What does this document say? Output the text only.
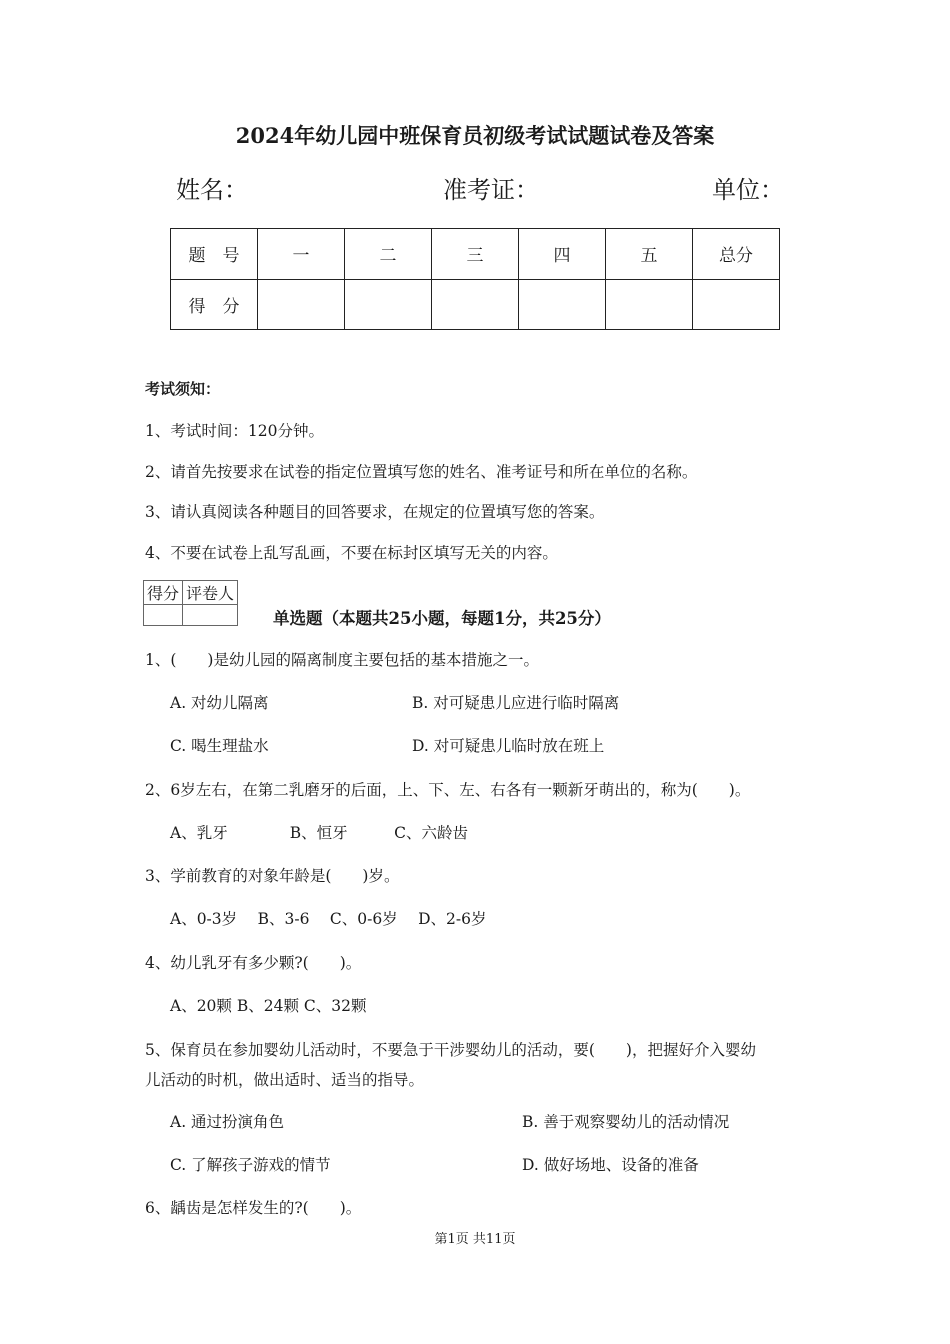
2024年幼儿园中班保育员初级考试试题试卷及答案
姓名：	准考证：	单位：
题　号	一	二	三	四	五	总分
得　分						
考试须知：
1、考试时间：120分钟。
2、请首先按要求在试卷的指定位置填写您的姓名、准考证号和所在单位的名称。
3、请认真阅读各种题目的回答要求，在规定的位置填写您的答案。
4、不要在试卷上乱写乱画，不要在标封区填写无关的内容。
得分	评卷人

单选题（本题共25小题，每题1分，共25分）
1、(　　)是幼儿园的隔离制度主要包括的基本措施之一。
A. 对幼儿隔离	B. 对可疑患儿应进行临时隔离
C. 喝生理盐水	D. 对可疑患儿临时放在班上
2、6岁左右，在第二乳磨牙的后面，上、下、左、右各有一颗新牙萌出的，称为(　　)。
A、乳牙　　　　B、恒牙　　　C、六龄齿
3、学前教育的对象年龄是(　　)岁。
A、0-3岁　 B、3-6　 C、0-6岁　 D、2-6岁
4、幼儿乳牙有多少颗?(　　)。
A、20颗 B、24颗 C、32颗
5、保育员在参加婴幼儿活动时，不要急于干涉婴幼儿的活动，要(　　)，把握好介入婴幼
儿活动的时机，做出适时、适当的指导。
A. 通过扮演角色	B. 善于观察婴幼儿的活动情况
C. 了解孩子游戏的情节	D. 做好场地、设备的准备
6、龋齿是怎样发生的?(　　)。
第1页 共11页
